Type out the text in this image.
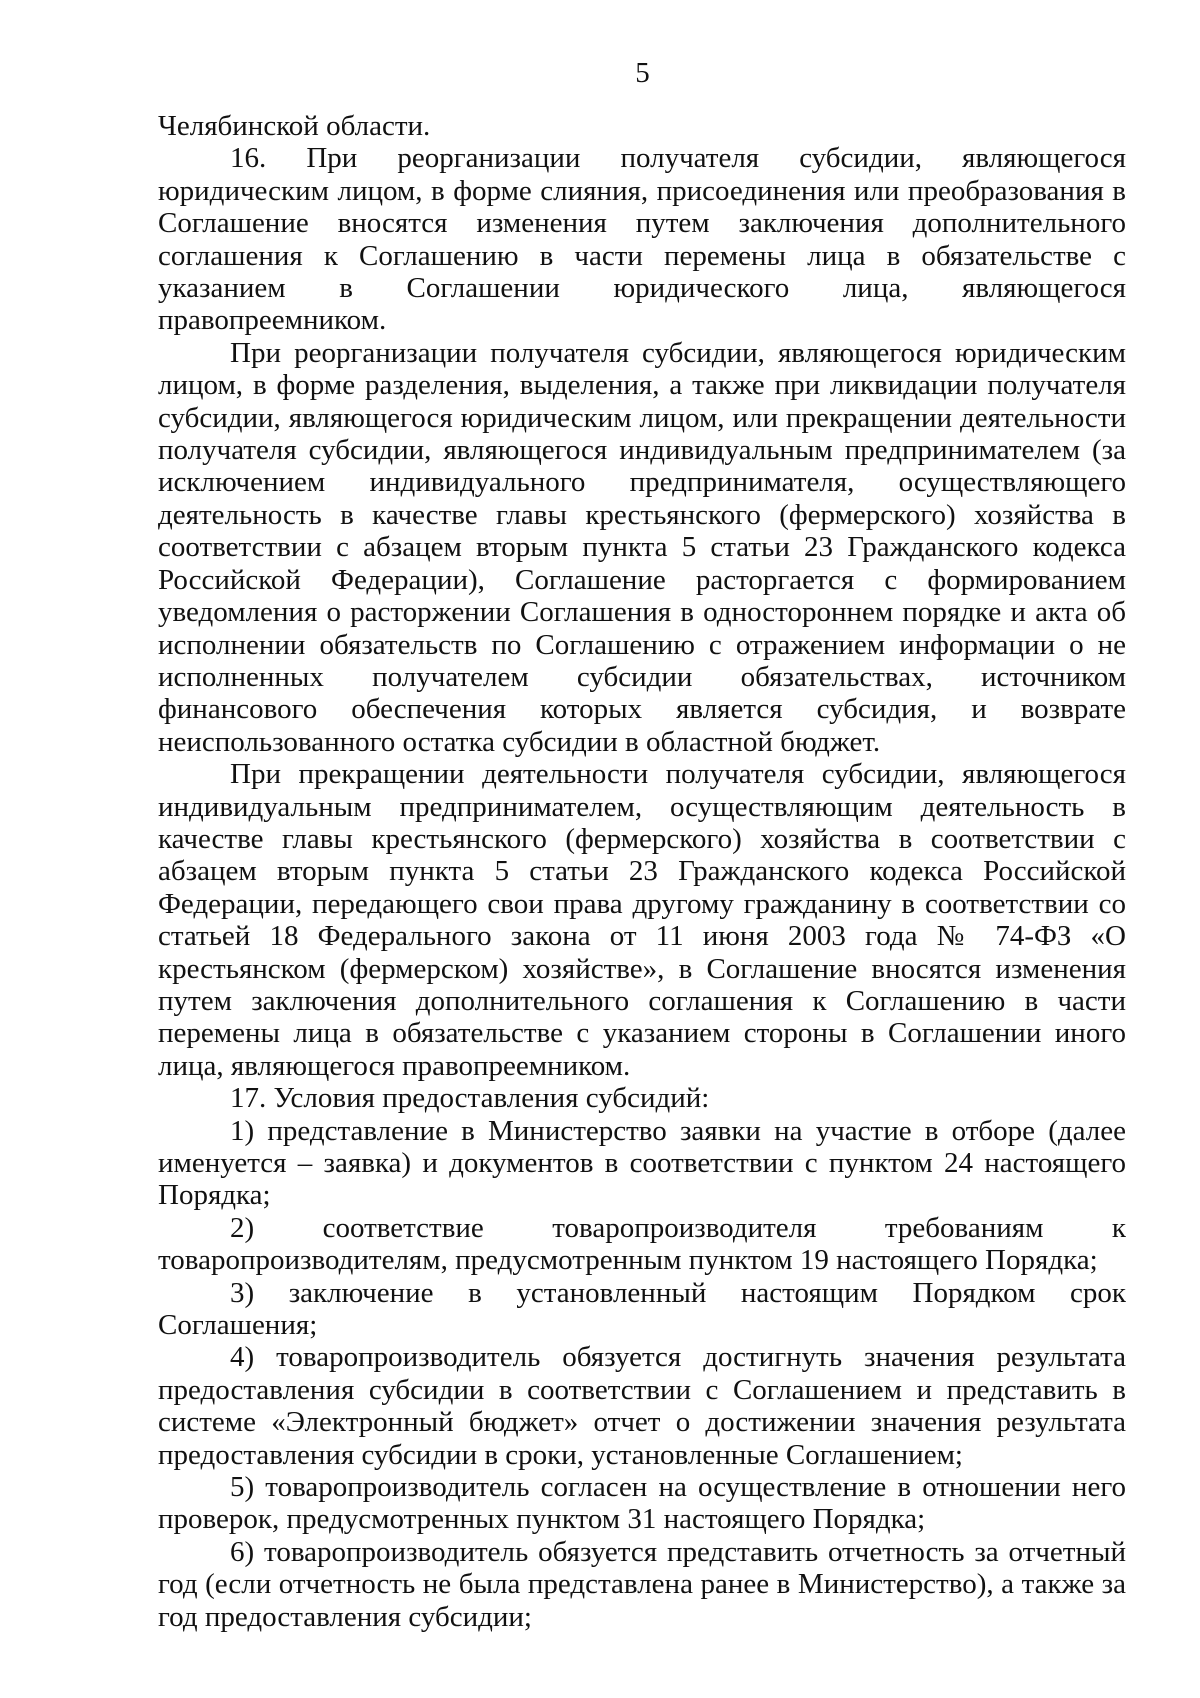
5

Челябинской области.

16. При реорганизации получателя субсидии, являющегося юридическим лицом, в форме слияния, присоединения или преобразования в Соглашение вносятся изменения путем заключения дополнительного соглашения к Соглашению в части перемены лица в обязательстве с указанием в Соглашении юридического лица, являющегося правопреемником.

При реорганизации получателя субсидии, являющегося юридическим лицом, в форме разделения, выделения, а также при ликвидации получателя субсидии, являющегося юридическим лицом, или прекращении деятельности получателя субсидии, являющегося индивидуальным предпринимателем (за исключением индивидуального предпринимателя, осуществляющего деятельность в качестве главы крестьянского (фермерского) хозяйства в соответствии с абзацем вторым пункта 5 статьи 23 Гражданского кодекса Российской Федерации), Соглашение расторгается с формированием уведомления о расторжении Соглашения в одностороннем порядке и акта об исполнении обязательств по Соглашению с отражением информации о не исполненных получателем субсидии обязательствах, источником финансового обеспечения которых является субсидия, и возврате неиспользованного остатка субсидии в областной бюджет.

При прекращении деятельности получателя субсидии, являющегося индивидуальным предпринимателем, осуществляющим деятельность в качестве главы крестьянского (фермерского) хозяйства в соответствии с абзацем вторым пункта 5 статьи 23 Гражданского кодекса Российской Федерации, передающего свои права другому гражданину в соответствии со статьей 18 Федерального закона от 11 июня 2003 года № 74-ФЗ «О крестьянском (фермерском) хозяйстве», в Соглашение вносятся изменения путем заключения дополнительного соглашения к Соглашению в части перемены лица в обязательстве с указанием стороны в Соглашении иного лица, являющегося правопреемником.

17. Условия предоставления субсидий:

1) представление в Министерство заявки на участие в отборе (далее именуется – заявка) и документов в соответствии с пунктом 24 настоящего Порядка;

2) соответствие товаропроизводителя требованиям к товаропроизводителям, предусмотренным пунктом 19 настоящего Порядка;

3) заключение в установленный настоящим Порядком срок Соглашения;

4) товаропроизводитель обязуется достигнуть значения результата предоставления субсидии в соответствии с Соглашением и представить в системе «Электронный бюджет» отчет о достижении значения результата предоставления субсидии в сроки, установленные Соглашением;

5) товаропроизводитель согласен на осуществление в отношении него проверок, предусмотренных пунктом 31 настоящего Порядка;

6) товаропроизводитель обязуется представить отчетность за отчетный год (если отчетность не была представлена ранее в Министерство), а также за год предоставления субсидии;
